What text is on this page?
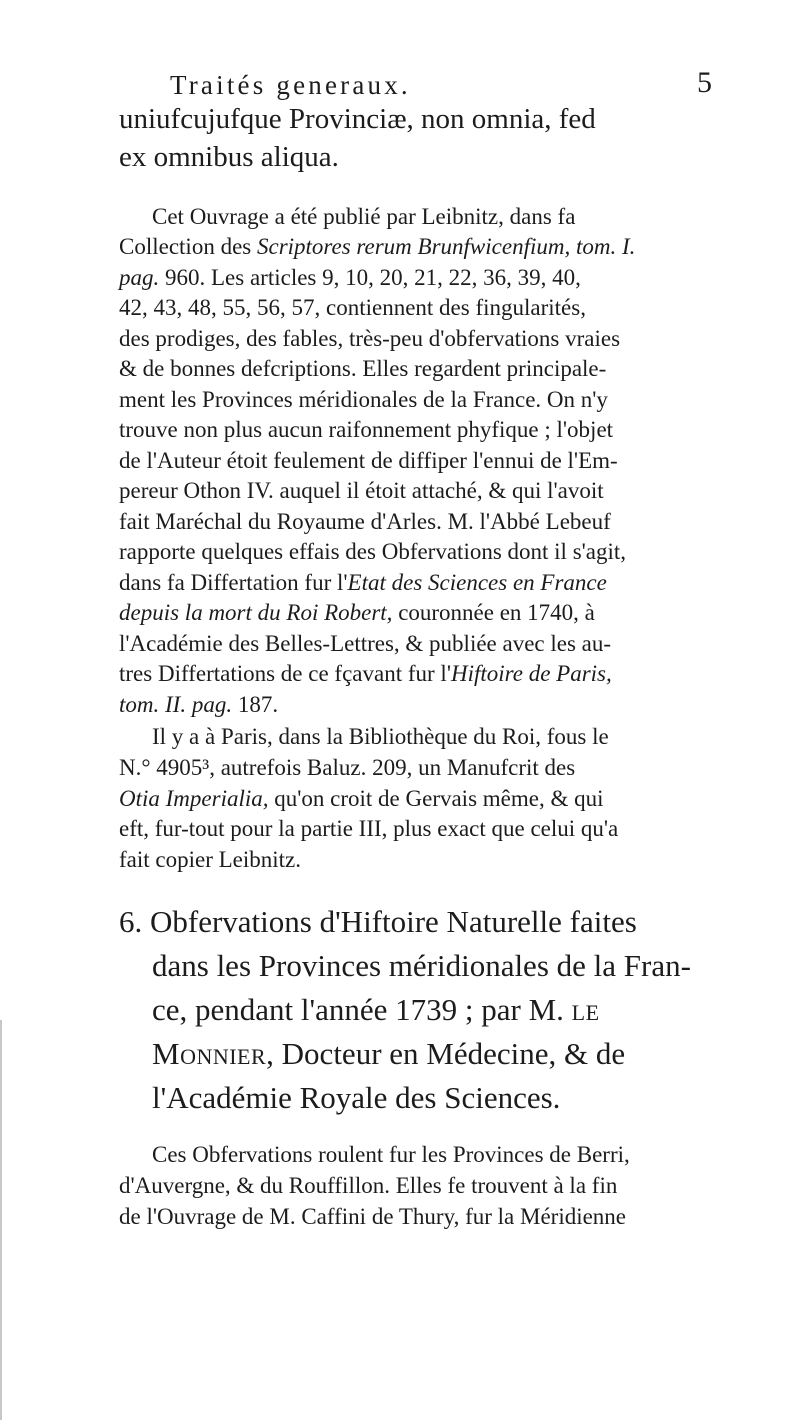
Traités generaux.	5
uniufcujufque Provinciæ, non omnia, fed
ex omnibus aliqua.
Cet Ouvrage a été publié par Leibnitz, dans fa
Collection des Scriptores rerum Brunfwicenfium, tom. I.
pag. 960. Les articles 9, 10, 20, 21, 22, 36, 39, 40,
42, 43, 48, 55, 56, 57, contiennent des fingularités,
des prodiges, des fables, très-peu d'obfervations vraies
& de bonnes defcriptions. Elles regardent principale-
ment les Provinces méridionales de la France. On n'y
trouve non plus aucun raifonnement phyfique ; l'objet
de l'Auteur étoit feulement de diffiper l'ennui de l'Em-
pereur Othon IV. auquel il étoit attaché, & qui l'avoit
fait Maréchal du Royaume d'Arles. M. l'Abbé Lebeuf
rapporte quelques effais des Obfervations dont il s'agit,
dans fa Differtation fur l'Etat des Sciences en France
depuis la mort du Roi Robert, couronnée en 1740, à
l'Académie des Belles-Lettres, & publiée avec les au-
tres Differtations de ce fçavant fur l'Hiftoire de Paris,
tom. II. pag. 187.
Il y a à Paris, dans la Bibliothèque du Roi, fous le
N.° 4905³, autrefois Baluz. 209, un Manufcrit des
Otia Imperialia, qu'on croit de Gervais même, & qui
eft, fur-tout pour la partie III, plus exact que celui qu'a
fait copier Leibnitz.
6. Obfervations d'Hiftoire Naturelle faites
dans les Provinces méridionales de la Fran-
ce, pendant l'année 1739 ; par M. le
Monnier, Docteur en Médecine, & de
l'Académie Royale des Sciences.
Ces Obfervations roulent fur les Provinces de Berri,
d'Auvergne, & du Rouffillon. Elles fe trouvent à la fin
de l'Ouvrage de M. Caffini de Thury, fur la Méridienne
